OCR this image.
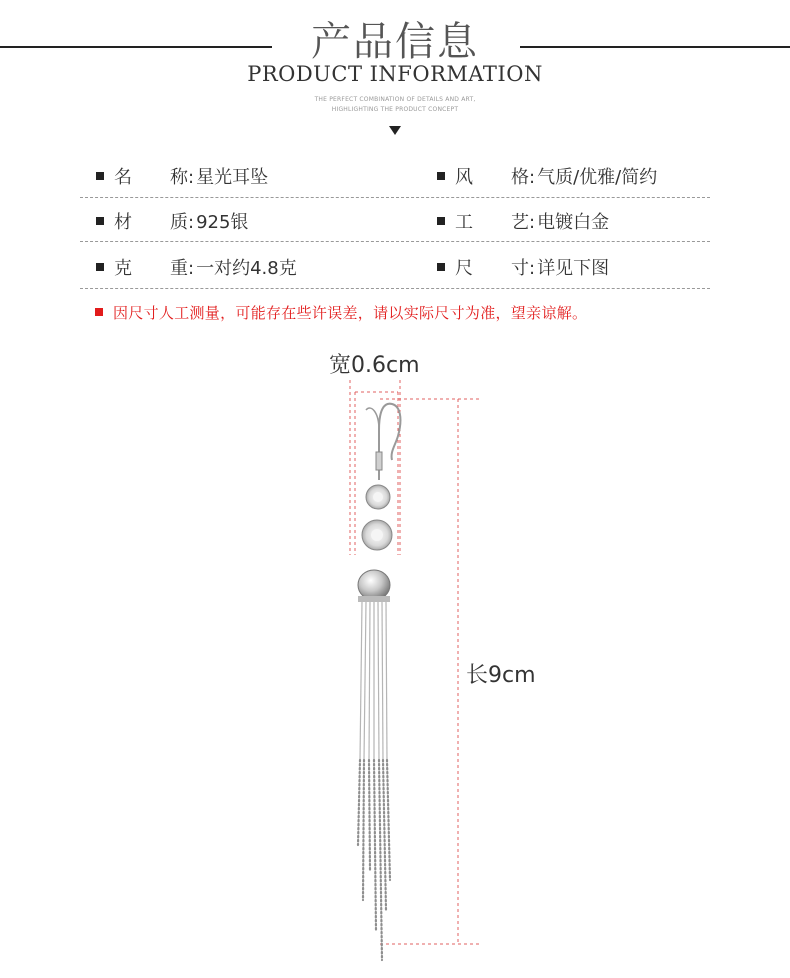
产品信息
PRODUCT INFORMATION
THE PERFECT COMBINATION OF DETAILS AND ART,
HIGHLIGHTING THE PRODUCT CONCEPT
名	称: 星光耳坠	风	格: 气质/优雅/简约
材	质: 925银	工	艺: 电镀白金
克	重: 一对约4.8克	尺	寸: 详见下图
因尺寸人工测量，可能存在些许误差，请以实际尺寸为准，望亲谅解。
宽0.6cm
长9cm
